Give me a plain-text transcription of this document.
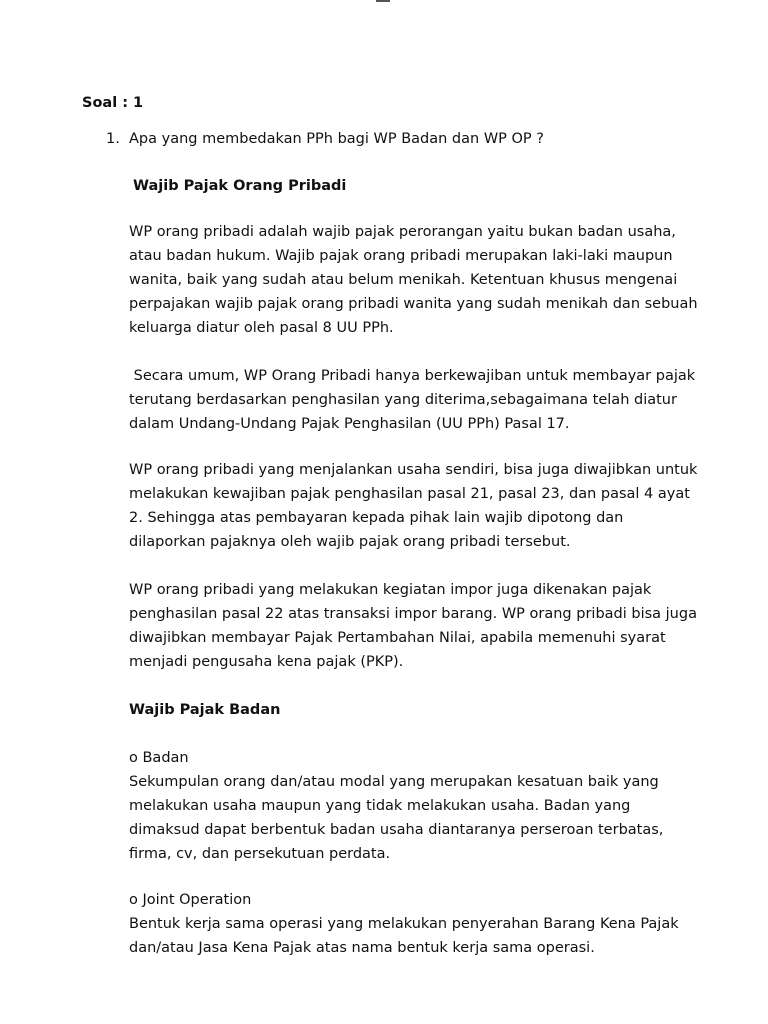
Soal : 1
1. Apa yang membedakan PPh bagi WP Badan dan WP OP ?
Wajib Pajak Orang Pribadi
WP orang pribadi adalah wajib pajak perorangan yaitu bukan badan usaha,
atau badan hukum. Wajib pajak orang pribadi merupakan laki-laki maupun
wanita, baik yang sudah atau belum menikah. Ketentuan khusus mengenai
perpajakan wajib pajak orang pribadi wanita yang sudah menikah dan sebuah
keluarga diatur oleh pasal 8 UU PPh.
Secara umum, WP Orang Pribadi hanya berkewajiban untuk membayar pajak
terutang berdasarkan penghasilan yang diterima,sebagaimana telah diatur
dalam Undang-Undang Pajak Penghasilan (UU PPh) Pasal 17.
WP orang pribadi yang menjalankan usaha sendiri, bisa juga diwajibkan untuk
melakukan kewajiban pajak penghasilan pasal 21, pasal 23, dan pasal 4 ayat
2. Sehingga atas pembayaran kepada pihak lain wajib dipotong dan
dilaporkan pajaknya oleh wajib pajak orang pribadi tersebut.
WP orang pribadi yang melakukan kegiatan impor juga dikenakan pajak
penghasilan pasal 22 atas transaksi impor barang. WP orang pribadi bisa juga
diwajibkan membayar Pajak Pertambahan Nilai, apabila memenuhi syarat
menjadi pengusaha kena pajak (PKP).
Wajib Pajak Badan
o Badan
Sekumpulan orang dan/atau modal yang merupakan kesatuan baik yang
melakukan usaha maupun yang tidak melakukan usaha. Badan yang
dimaksud dapat berbentuk badan usaha diantaranya perseroan terbatas,
firma, cv, dan persekutuan perdata.
o Joint Operation
Bentuk kerja sama operasi yang melakukan penyerahan Barang Kena Pajak
dan/atau Jasa Kena Pajak atas nama bentuk kerja sama operasi.
